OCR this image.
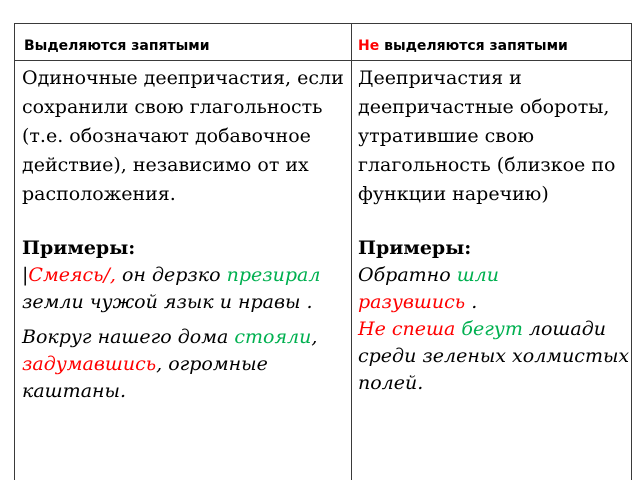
Выделяются запятыми	Не выделяются запятыми

Одиночные деепричастия, если сохранили свою глагольность (т.е. обозначают добавочное действие), независимо от их расположения.

Примеры:

|Смеясь/, он дерзко презирал земли чужой язык и нравы .

Вокруг нашего дома стояли, задумавшись, огромные каштаны.

Деепричастия и деепричастные обороты, утратившие свою глагольность (близкое по функции наречию)

Примеры:

Обратно шли
разувшись .

Не спеша бегут лошади среди зеленых холмистых полей.
